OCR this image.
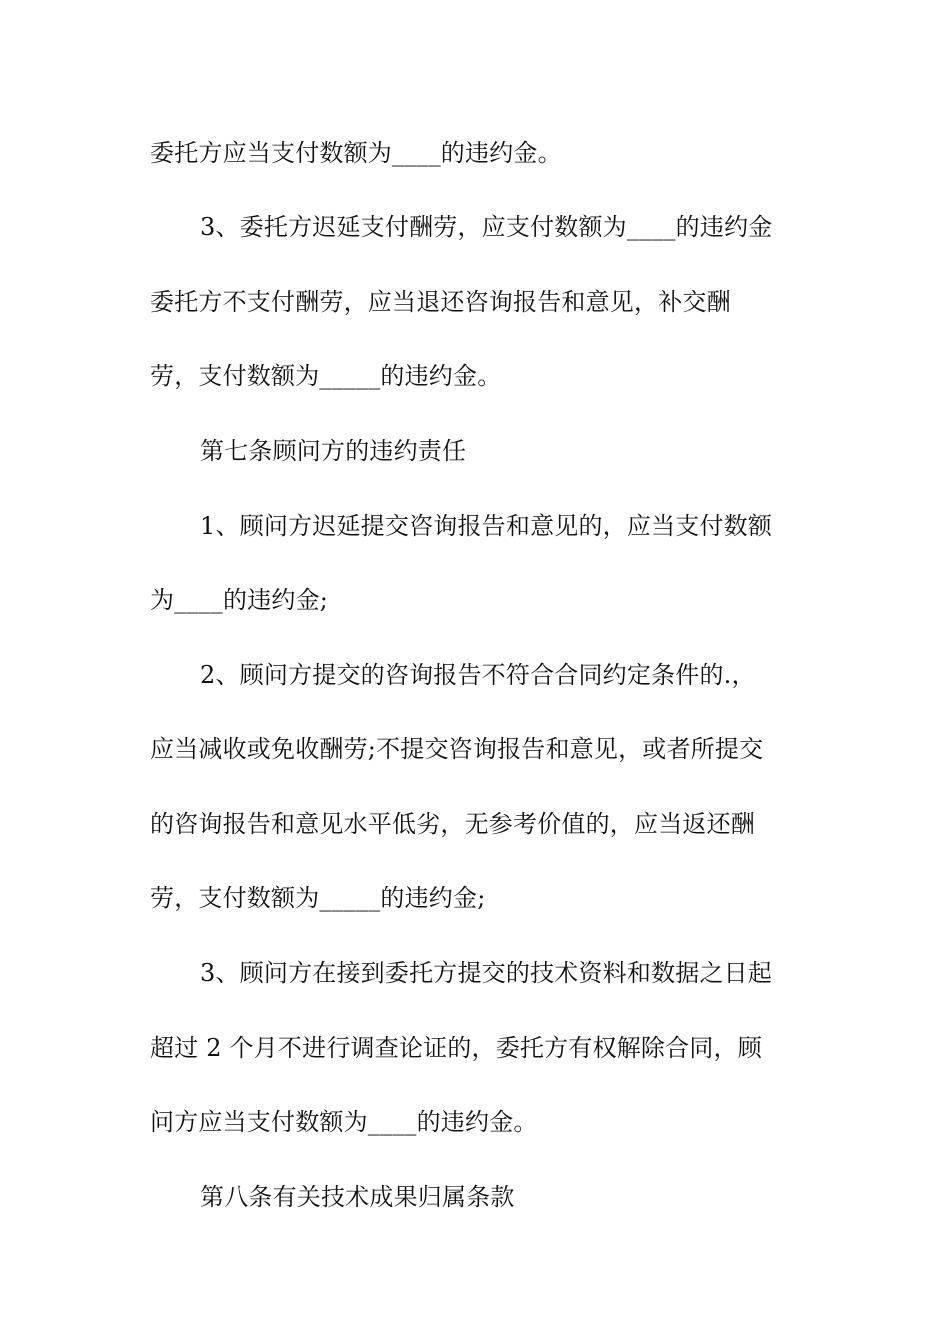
委托方应当支付数额为____的违约金。
3、委托方迟延支付酬劳，应支付数额为____的违约金
委托方不支付酬劳，应当退还咨询报告和意见，补交酬
劳，支付数额为_____的违约金。
第七条顾问方的违约责任
1、顾问方迟延提交咨询报告和意见的，应当支付数额
为____的违约金;
2、顾问方提交的咨询报告不符合合同约定条件的.，
应当减收或免收酬劳;不提交咨询报告和意见，或者所提交
的咨询报告和意见水平低劣，无参考价值的，应当返还酬
劳，支付数额为_____的违约金;
3、顾问方在接到委托方提交的技术资料和数据之日起
超过 2 个月不进行调查论证的，委托方有权解除合同，顾
问方应当支付数额为____的违约金。
第八条有关技术成果归属条款
